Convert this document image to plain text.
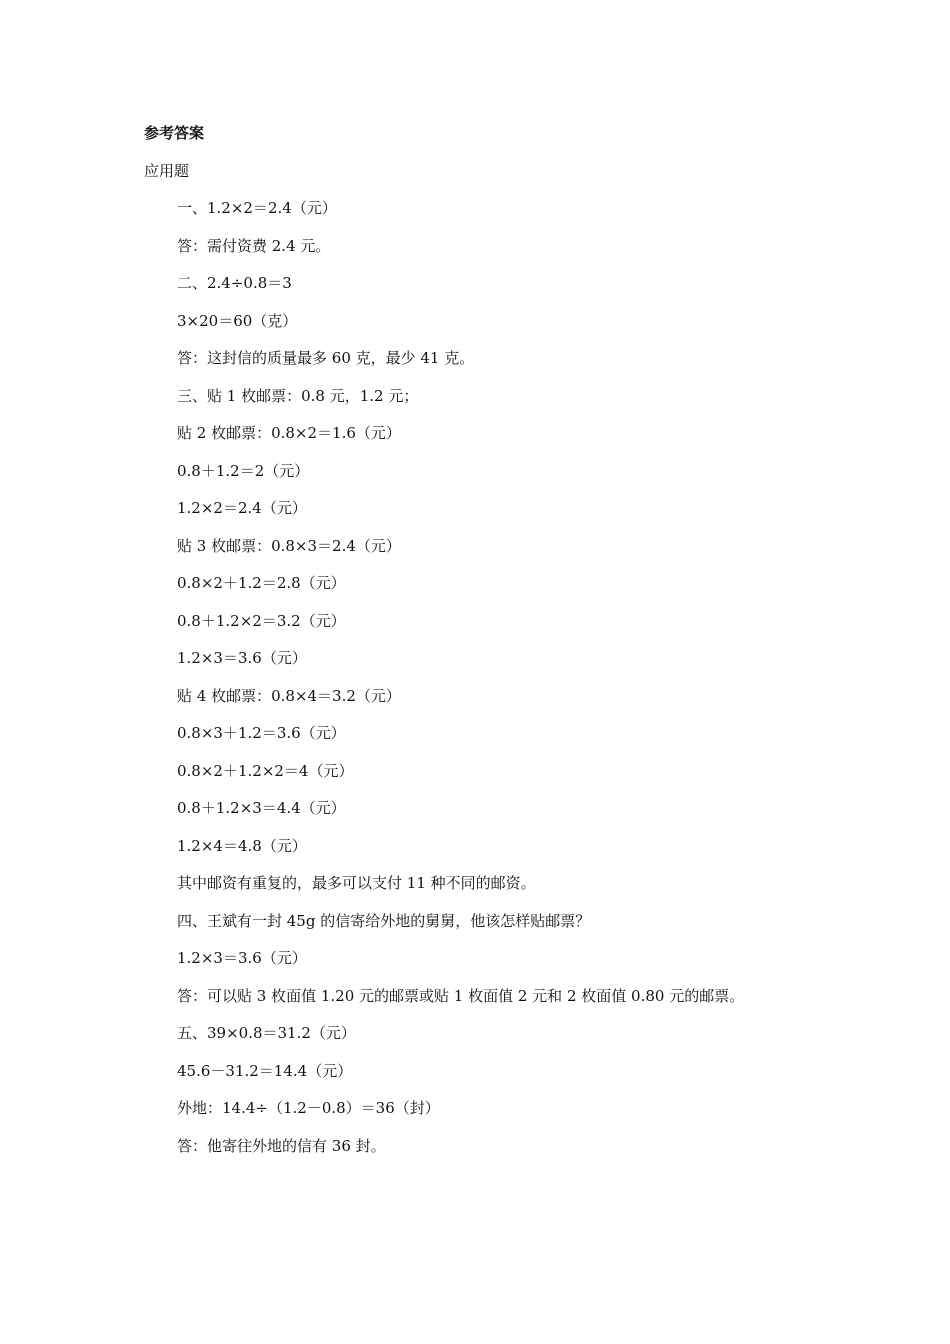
参考答案
应用题
一、1.2×2＝2.4（元）
答：需付资费 2.4 元。
二、2.4÷0.8＝3
3×20＝60（克）
答：这封信的质量最多 60 克，最少 41 克。
三、贴 1 枚邮票：0.8 元，1.2 元；
贴 2 枚邮票：0.8×2＝1.6（元）
0.8＋1.2＝2（元）
1.2×2＝2.4（元）
贴 3 枚邮票：0.8×3＝2.4（元）
0.8×2＋1.2＝2.8（元）
0.8＋1.2×2＝3.2（元）
1.2×3＝3.6（元）
贴 4 枚邮票：0.8×4＝3.2（元）
0.8×3＋1.2＝3.6（元）
0.8×2＋1.2×2＝4（元）
0.8＋1.2×3＝4.4（元）
1.2×4＝4.8（元）
其中邮资有重复的，最多可以支付 11 种不同的邮资。
四、王斌有一封 45g 的信寄给外地的舅舅，他该怎样贴邮票？
1.2×3＝3.6（元）
答：可以贴 3 枚面值 1.20 元的邮票或贴 1 枚面值 2 元和 2 枚面值 0.80 元的邮票。
五、39×0.8＝31.2（元）
45.6－31.2＝14.4（元）
外地：14.4÷（1.2－0.8）＝36（封）
答：他寄往外地的信有 36 封。
